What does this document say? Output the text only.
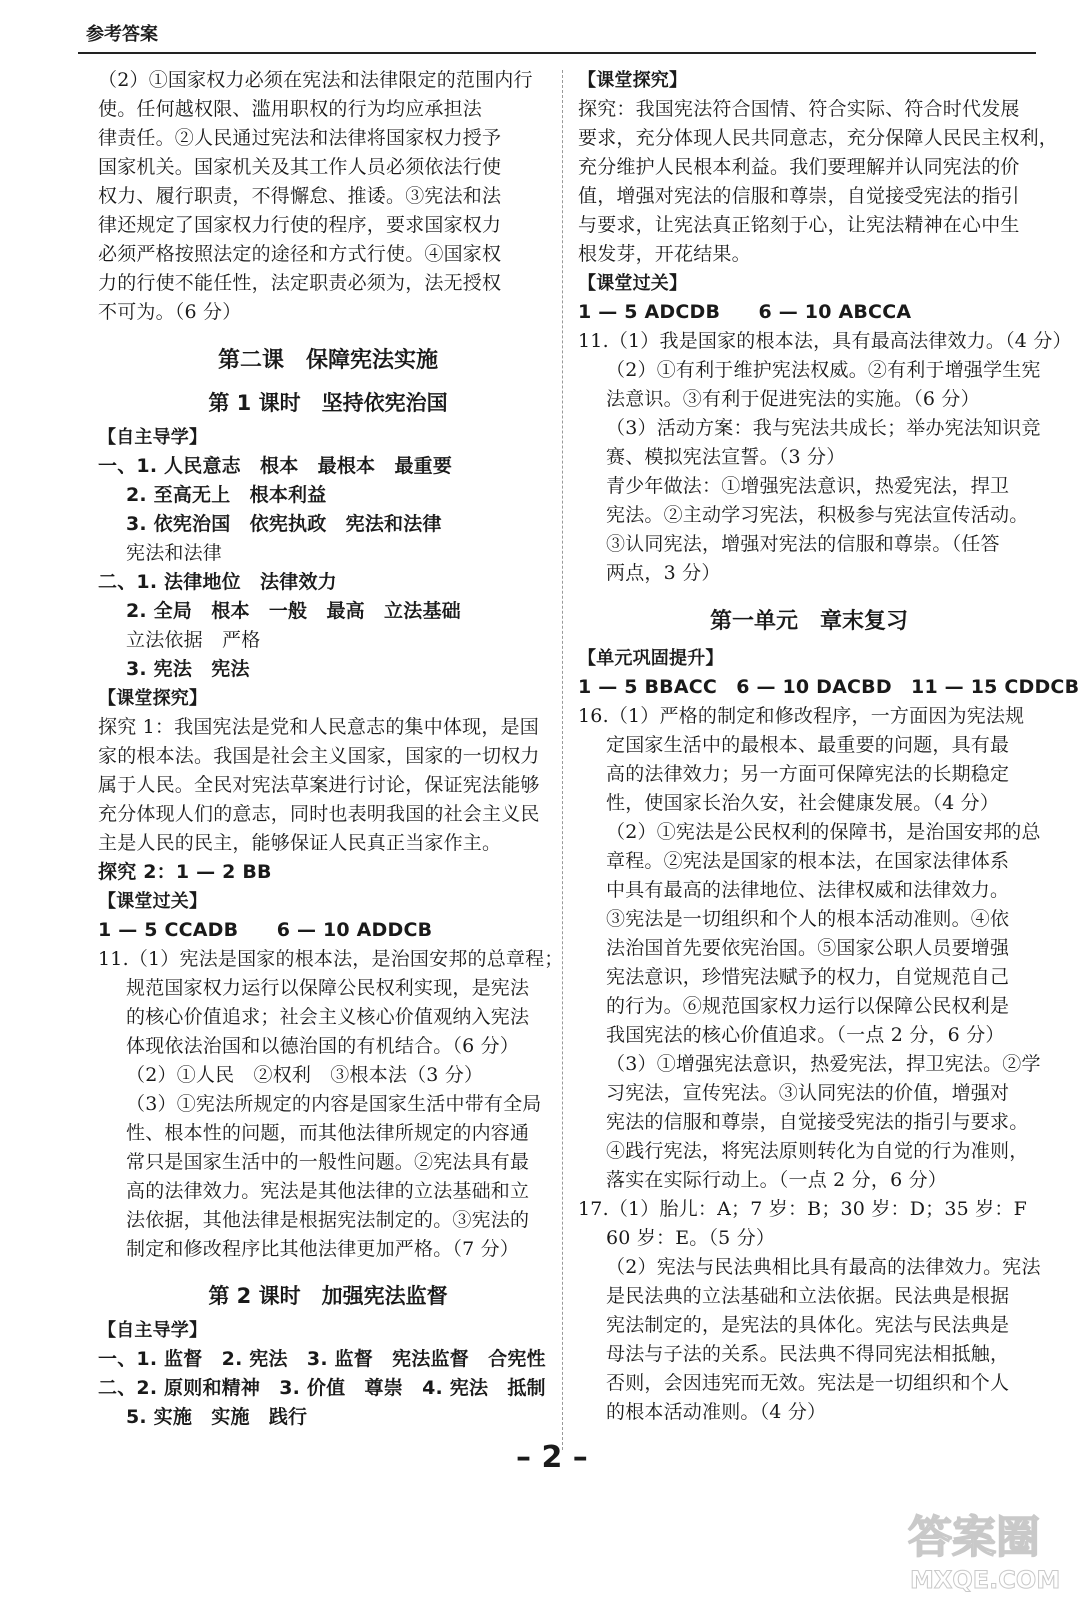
参考答案
（2）①国家权力必须在宪法和法律限定的范围内行
使。任何越权限、滥用职权的行为均应承担法
律责任。②人民通过宪法和法律将国家权力授予
国家机关。国家机关及其工作人员必须依法行使
权力、履行职责，不得懈怠、推诿。③宪法和法
律还规定了国家权力行使的程序，要求国家权力
必须严格按照法定的途径和方式行使。④国家权
力的行使不能任性，法定职责必须为，法无授权
不可为。（6 分）
第二课　保障宪法实施
第 1 课时　坚持依宪治国
【自主导学】
一、1. 人民意志　根本　最根本　最重要
2. 至高无上　根本利益
3. 依宪治国　依宪执政　宪法和法律
宪法和法律
二、1. 法律地位　法律效力
2. 全局　根本　一般　最高　立法基础
立法依据　严格
3. 宪法　宪法
【课堂探究】
探究 1：我国宪法是党和人民意志的集中体现，是国
家的根本法。我国是社会主义国家，国家的一切权力
属于人民。全民对宪法草案进行讨论，保证宪法能够
充分体现人们的意志，同时也表明我国的社会主义民
主是人民的民主，能够保证人民真正当家作主。
探究 2：1 — 2 BB
【课堂过关】
1 — 5 CCADB　　6 — 10 ADDCB
11.（1）宪法是国家的根本法，是治国安邦的总章程；
规范国家权力运行以保障公民权利实现，是宪法
的核心价值追求；社会主义核心价值观纳入宪法
体现依法治国和以德治国的有机结合。（6 分）
（2）①人民　②权利　③根本法（3 分）
（3）①宪法所规定的内容是国家生活中带有全局
性、根本性的问题，而其他法律所规定的内容通
常只是国家生活中的一般性问题。②宪法具有最
高的法律效力。宪法是其他法律的立法基础和立
法依据，其他法律是根据宪法制定的。③宪法的
制定和修改程序比其他法律更加严格。（7 分）
第 2 课时　加强宪法监督
【自主导学】
一、1. 监督　2. 宪法　3. 监督　宪法监督　合宪性
二、2. 原则和精神　3. 价值　尊崇　4. 宪法　抵制
5. 实施　实施　践行
【课堂探究】
探究：我国宪法符合国情、符合实际、符合时代发展
要求，充分体现人民共同意志，充分保障人民民主权利，
充分维护人民根本利益。我们要理解并认同宪法的价
值，增强对宪法的信服和尊崇，自觉接受宪法的指引
与要求，让宪法真正铭刻于心，让宪法精神在心中生
根发芽，开花结果。
【课堂过关】
1 — 5 ADCDB　　6 — 10 ABCCA
11.（1）我是国家的根本法，具有最高法律效力。（4 分）
（2）①有利于维护宪法权威。②有利于增强学生宪
法意识。③有利于促进宪法的实施。（6 分）
（3）活动方案：我与宪法共成长；举办宪法知识竞
赛、模拟宪法宣誓。（3 分）
青少年做法：①增强宪法意识，热爱宪法，捍卫
宪法。②主动学习宪法，积极参与宪法宣传活动。
③认同宪法，增强对宪法的信服和尊崇。（任答
两点，3 分）
第一单元　章末复习
【单元巩固提升】
1 — 5 BBACC　6 — 10 DACBD　11 — 15 CDDCB
16.（1）严格的制定和修改程序，一方面因为宪法规
定国家生活中的最根本、最重要的问题，具有最
高的法律效力；另一方面可保障宪法的长期稳定
性，使国家长治久安，社会健康发展。（4 分）
（2）①宪法是公民权利的保障书，是治国安邦的总
章程。②宪法是国家的根本法，在国家法律体系
中具有最高的法律地位、法律权威和法律效力。
③宪法是一切组织和个人的根本活动准则。④依
法治国首先要依宪治国。⑤国家公职人员要增强
宪法意识，珍惜宪法赋予的权力，自觉规范自己
的行为。⑥规范国家权力运行以保障公民权利是
我国宪法的核心价值追求。（一点 2 分，6 分）
（3）①增强宪法意识，热爱宪法，捍卫宪法。②学
习宪法，宣传宪法。③认同宪法的价值，增强对
宪法的信服和尊崇，自觉接受宪法的指引与要求。
④践行宪法，将宪法原则转化为自觉的行为准则，
落实在实际行动上。（一点 2 分，6 分）
17.（1）胎儿：A；7 岁：B；30 岁：D；35 岁：F
60 岁：E。（5 分）
（2）宪法与民法典相比具有最高的法律效力。宪法
是民法典的立法基础和立法依据。民法典是根据
宪法制定的，是宪法的具体化。宪法与民法典是
母法与子法的关系。民法典不得同宪法相抵触，
否则，会因违宪而无效。宪法是一切组织和个人
的根本活动准则。（4 分）
– 2 –
答案圈
MXQE.COM
